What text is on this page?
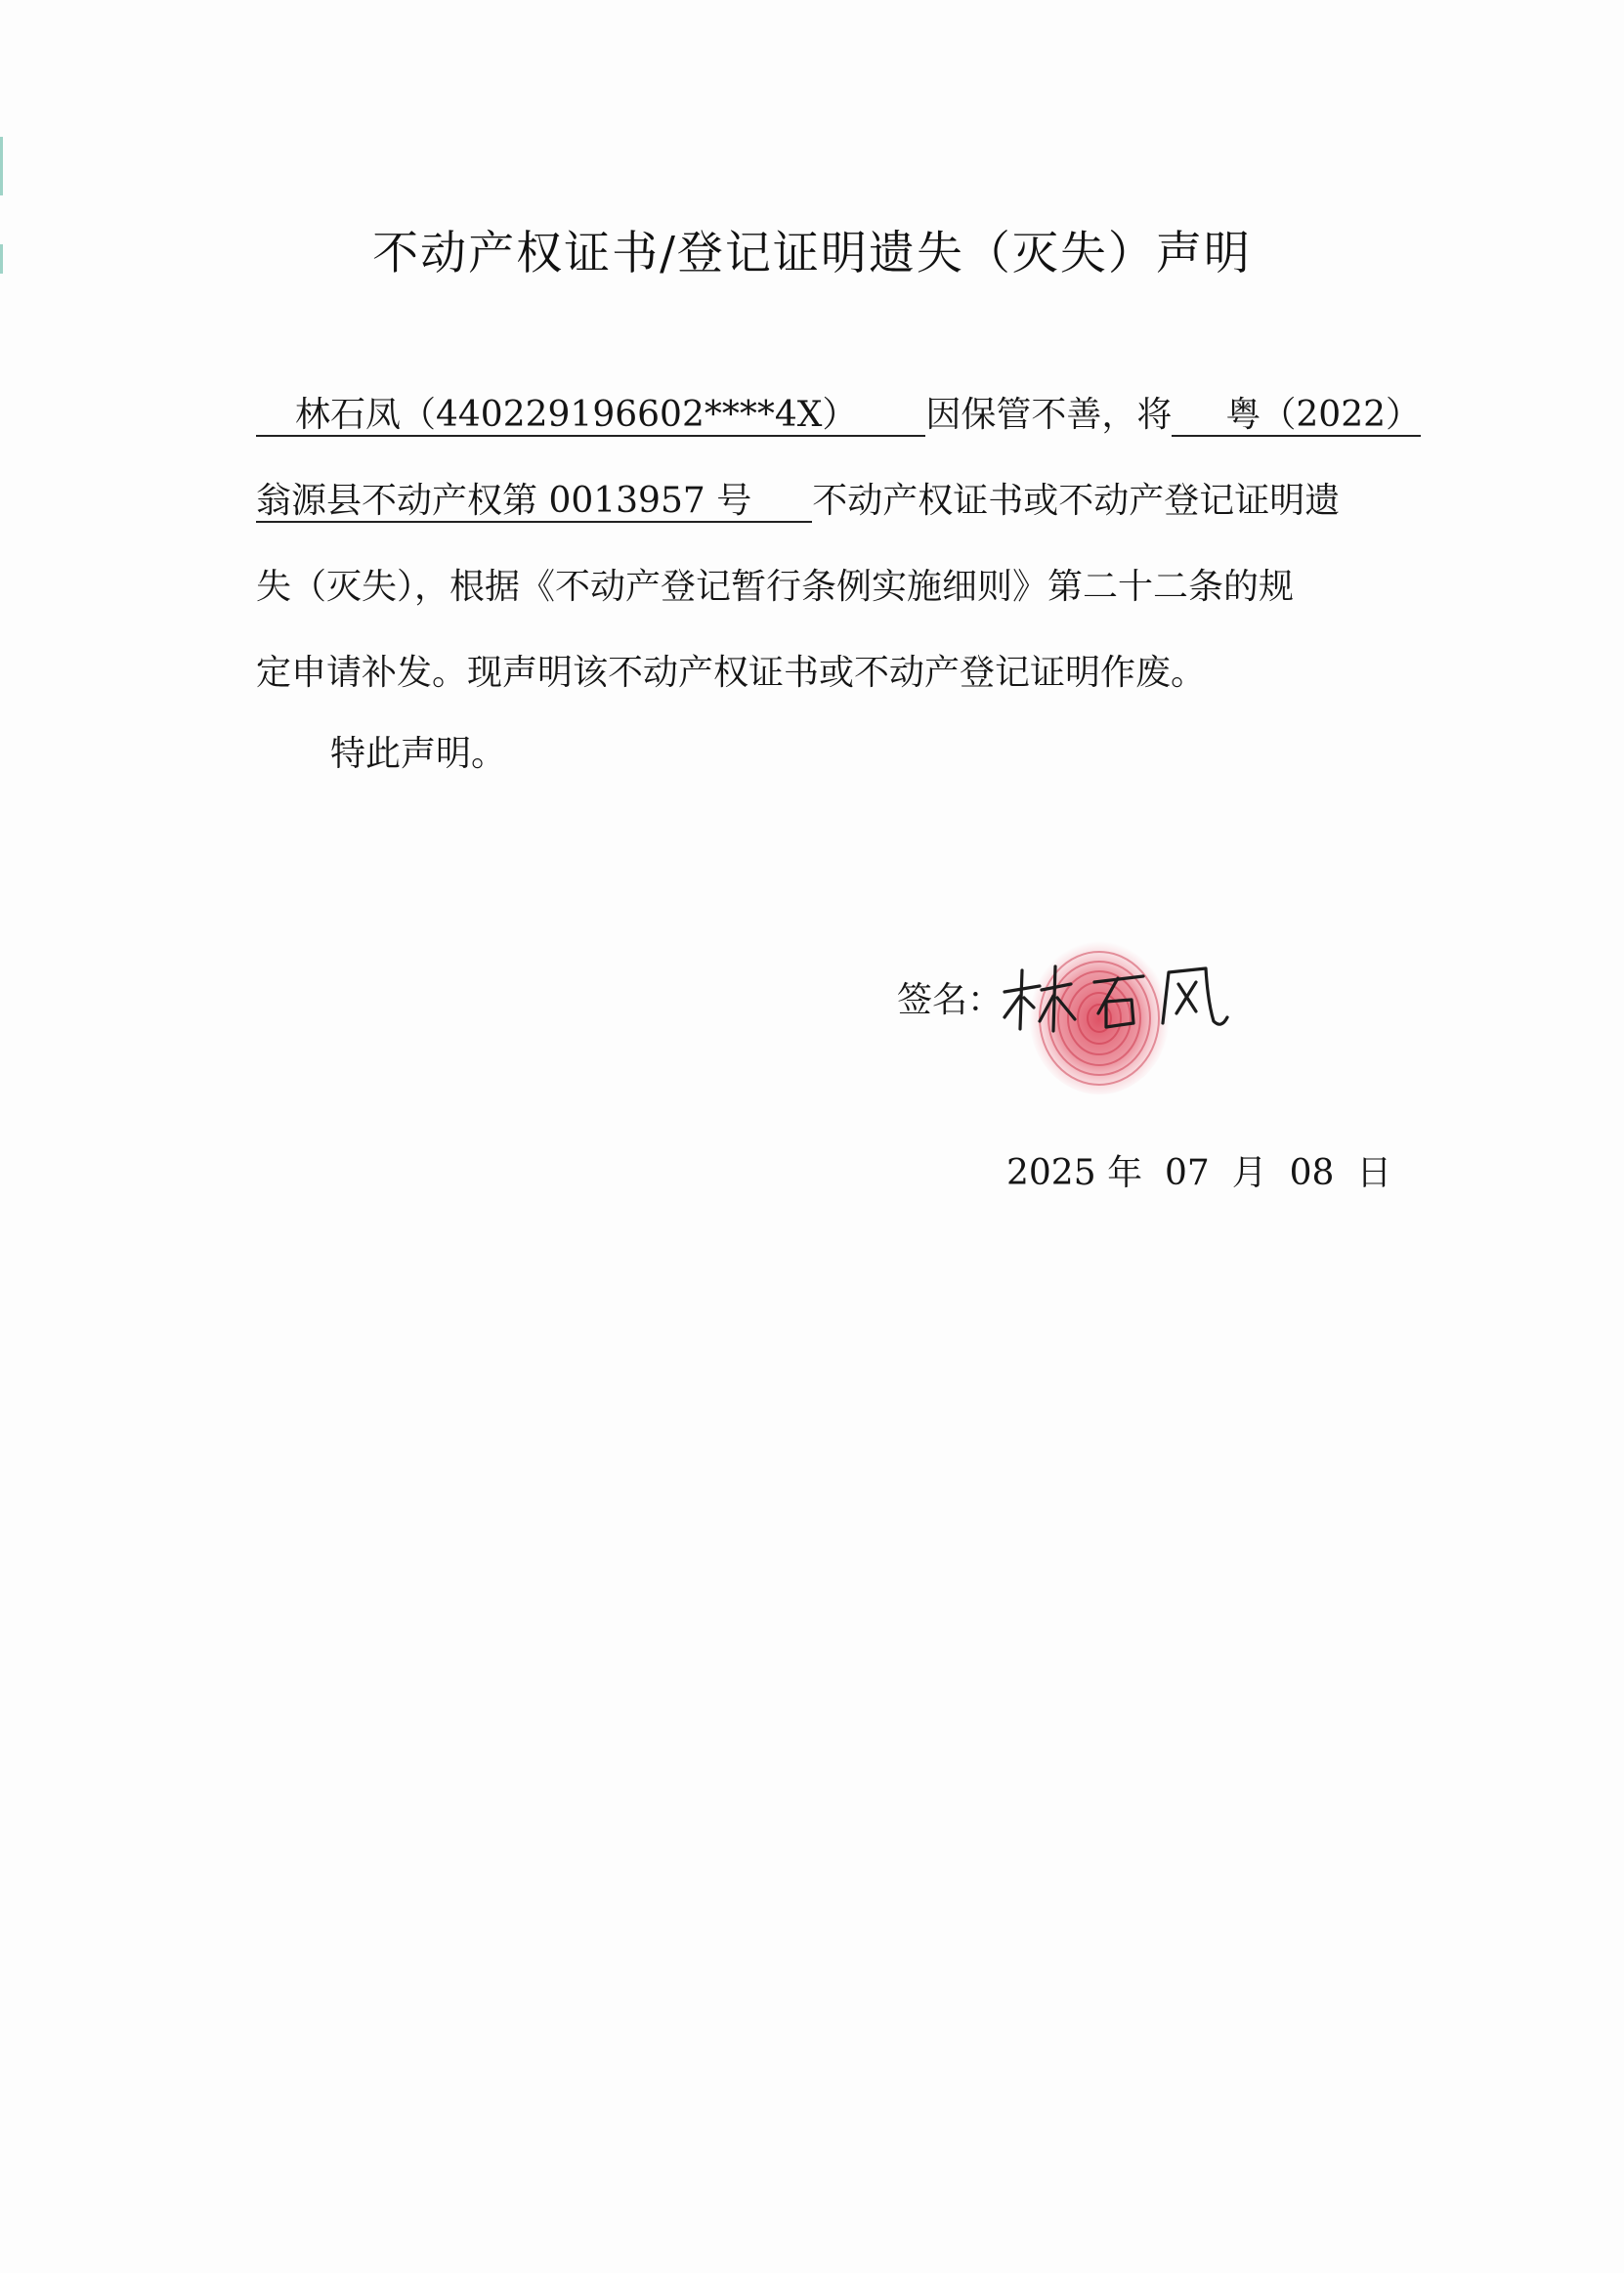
不动产权证书/登记证明遗失（灭失）声明
林石凤（440229196602****4X） 因保管不善，将 粤（2022）
翁源县不动产权第 0013957 号 不动产权证书或不动产登记证明遗
失（灭失），根据《不动产登记暂行条例实施细则》第二十二条的规
定申请补发。现声明该不动产权证书或不动产登记证明作废。
特此声明。
签名：
2025 年 07 月 08 日
